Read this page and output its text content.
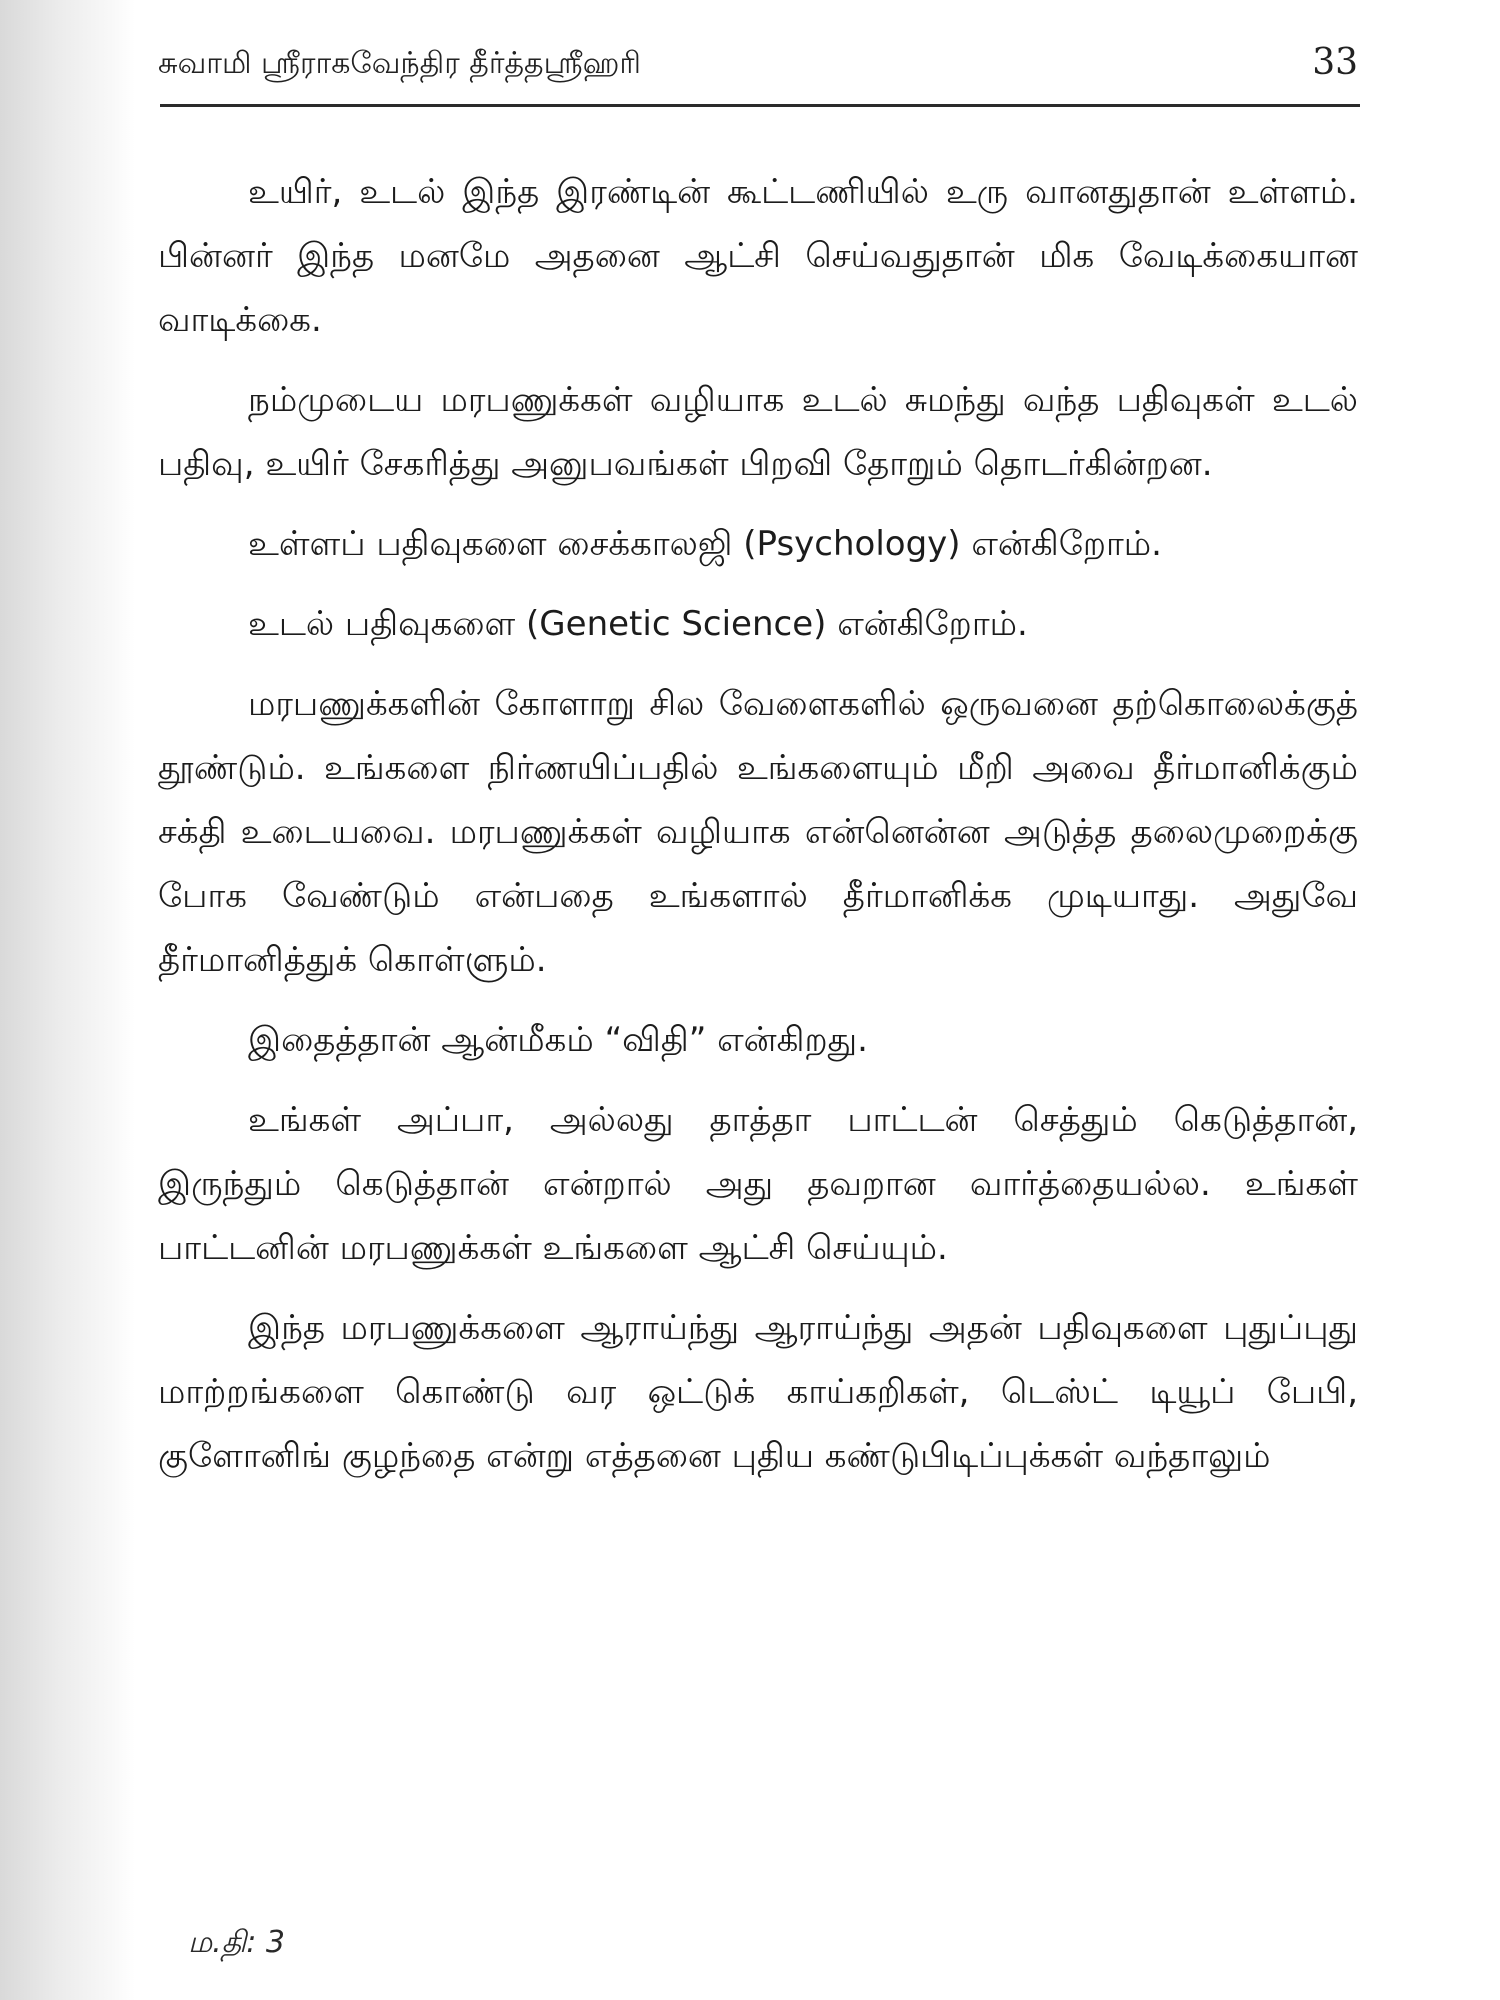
சுவாமி ஸ்ரீராகவேந்திர தீர்த்தஸ்ரீஹரி	33

உயிர், உடல் இந்த இரண்டின் கூட்டணியில் உரு வானதுதான் உள்ளம். பின்னர் இந்த மனமே அதனை ஆட்சி செய்வதுதான் மிக வேடிக்கையான வாடிக்கை.

நம்முடைய மரபணுக்கள் வழியாக உடல் சுமந்து வந்த பதிவுகள் உடல் பதிவு, உயிர் சேகரித்து அனுபவங்கள் பிறவி தோறும் தொடர்கின்றன.

உள்ளப் பதிவுகளை சைக்காலஜி (Psychology) என்கிறோம்.

உடல் பதிவுகளை (Genetic Science) என்கிறோம்.

மரபணுக்களின் கோளாறு சில வேளைகளில் ஒருவனை தற்கொலைக்குத் தூண்டும். உங்களை நிர்ணயிப்பதில் உங்களையும் மீறி அவை தீர்மானிக்கும் சக்தி உடையவை. மரபணுக்கள் வழியாக என்னென்ன அடுத்த தலைமுறைக்கு போக வேண்டும் என்பதை உங்களால் தீர்மானிக்க முடியாது. அதுவே தீர்மானித்துக் கொள்ளும்.

இதைத்தான் ஆன்மீகம் “விதி” என்கிறது.

உங்கள் அப்பா, அல்லது தாத்தா பாட்டன் செத்தும் கெடுத்தான், இருந்தும் கெடுத்தான் என்றால் அது தவறான வார்த்தையல்ல. உங்கள் பாட்டனின் மரபணுக்கள் உங்களை ஆட்சி செய்யும்.

இந்த மரபணுக்களை ஆராய்ந்து ஆராய்ந்து அதன் பதிவுகளை புதுப்புது மாற்றங்களை கொண்டு வர ஒட்டுக் காய்கறிகள், டெஸ்ட் டியூப் பேபி, குளோனிங் குழந்தை என்று எத்தனை புதிய கண்டுபிடிப்புக்கள் வந்தாலும்

ம.தி: 3
